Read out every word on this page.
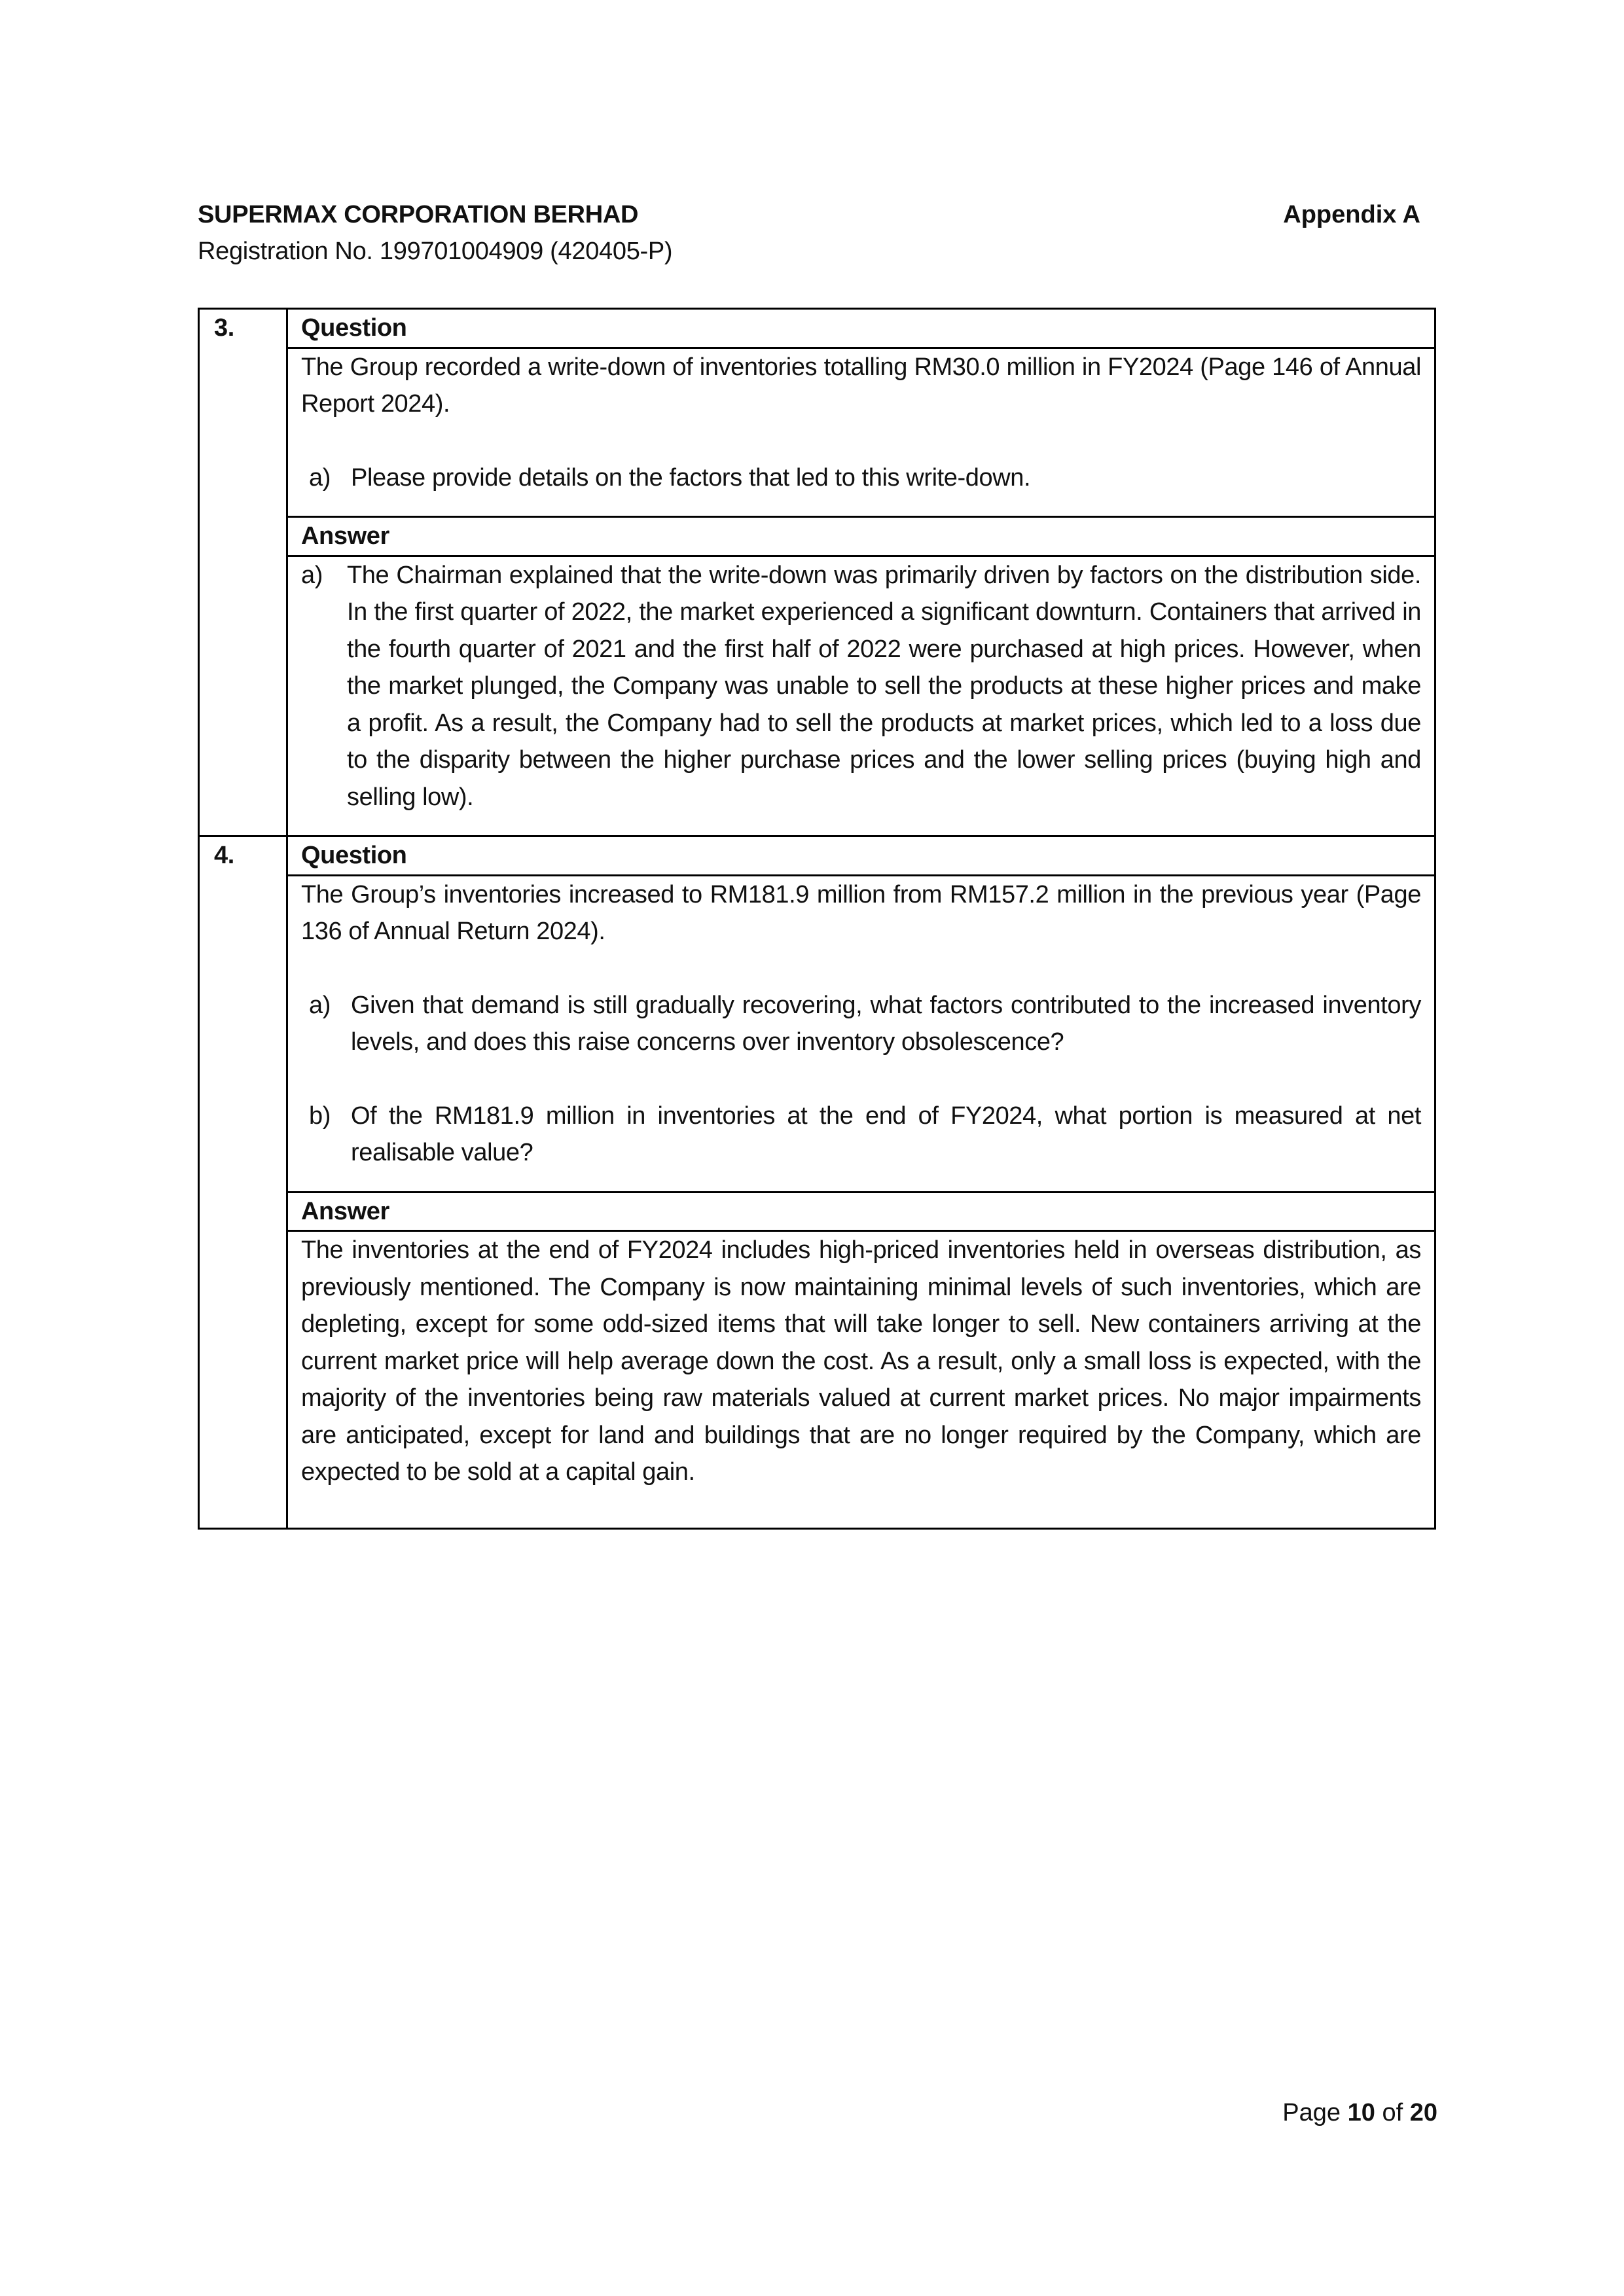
SUPERMAX CORPORATION BERHAD
Registration No. 199701004909 (420405-P)
Appendix A
3.	Question

	The Group recorded a write-down of inventories totalling RM30.0 million in FY2024 (Page 146 of Annual Report 2024).
a) Please provide details on the factors that led to this write-down.

	Answer

	a) The Chairman explained that the write-down was primarily driven by factors on the distribution side. In the first quarter of 2022, the market experienced a significant downturn. Containers that arrived in the fourth quarter of 2021 and the first half of 2022 were purchased at high prices. However, when the market plunged, the Company was unable to sell the products at these higher prices and make a profit. As a result, the Company had to sell the products at market prices, which led to a loss due to the disparity between the higher purchase prices and the lower selling prices (buying high and selling low).

4.	Question

	The Group’s inventories increased to RM181.9 million from RM157.2 million in the previous year (Page 136 of Annual Return 2024).
a) Given that demand is still gradually recovering, what factors contributed to the increased inventory levels, and does this raise concerns over inventory obsolescence?
b) Of the RM181.9 million in inventories at the end of FY2024, what portion is measured at net realisable value?

	Answer

	The inventories at the end of FY2024 includes high-priced inventories held in overseas distribution, as previously mentioned. The Company is now maintaining minimal levels of such inventories, which are depleting, except for some odd-sized items that will take longer to sell. New containers arriving at the current market price will help average down the cost. As a result, only a small loss is expected, with the majority of the inventories being raw materials valued at current market prices. No major impairments are anticipated, except for land and buildings that are no longer required by the Company, which are expected to be sold at a capital gain.
Page 10 of 20
